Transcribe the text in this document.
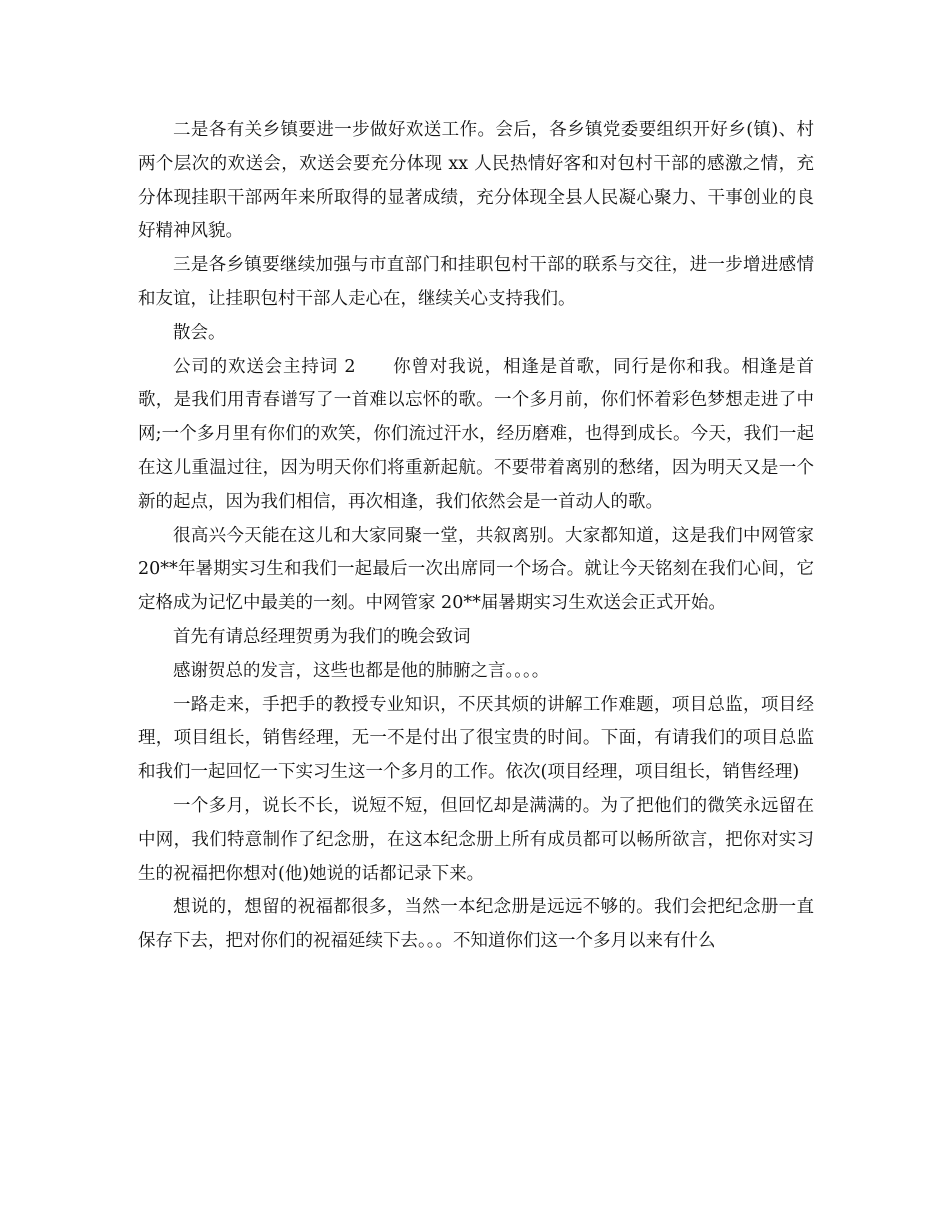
二是各有关乡镇要进一步做好欢送工作。会后，各乡镇党委要组织开好乡(镇)、村两个层次的欢送会，欢送会要充分体现 xx 人民热情好客和对包村干部的感激之情，充分体现挂职干部两年来所取得的显著成绩，充分体现全县人民凝心聚力、干事创业的良好精神风貌。

三是各乡镇要继续加强与市直部门和挂职包村干部的联系与交往，进一步增进感情和友谊，让挂职包村干部人走心在，继续关心支持我们。

散会。

公司的欢送会主持词 2　　你曾对我说，相逢是首歌，同行是你和我。相逢是首歌，是我们用青春谱写了一首难以忘怀的歌。一个多月前，你们怀着彩色梦想走进了中网;一个多月里有你们的欢笑，你们流过汗水，经历磨难，也得到成长。今天，我们一起在这儿重温过往，因为明天你们将重新起航。不要带着离别的愁绪，因为明天又是一个新的起点，因为我们相信，再次相逢，我们依然会是一首动人的歌。

很高兴今天能在这儿和大家同聚一堂，共叙离别。大家都知道，这是我们中网管家 20**年暑期实习生和我们一起最后一次出席同一个场合。就让今天铭刻在我们心间，它定格成为记忆中最美的一刻。中网管家 20**届暑期实习生欢送会正式开始。

首先有请总经理贺勇为我们的晚会致词

感谢贺总的发言，这些也都是他的肺腑之言。。。。

一路走来，手把手的教授专业知识，不厌其烦的讲解工作难题，项目总监，项目经理，项目组长，销售经理，无一不是付出了很宝贵的时间。下面，有请我们的项目总监和我们一起回忆一下实习生这一个多月的工作。依次(项目经理，项目组长，销售经理)

一个多月，说长不长，说短不短，但回忆却是满满的。为了把他们的微笑永远留在中网，我们特意制作了纪念册，在这本纪念册上所有成员都可以畅所欲言，把你对实习生的祝福把你想对(他)她说的话都记录下来。

想说的，想留的祝福都很多，当然一本纪念册是远远不够的。我们会把纪念册一直保存下去，把对你们的祝福延续下去。。。不知道你们这一个多月以来有什么
